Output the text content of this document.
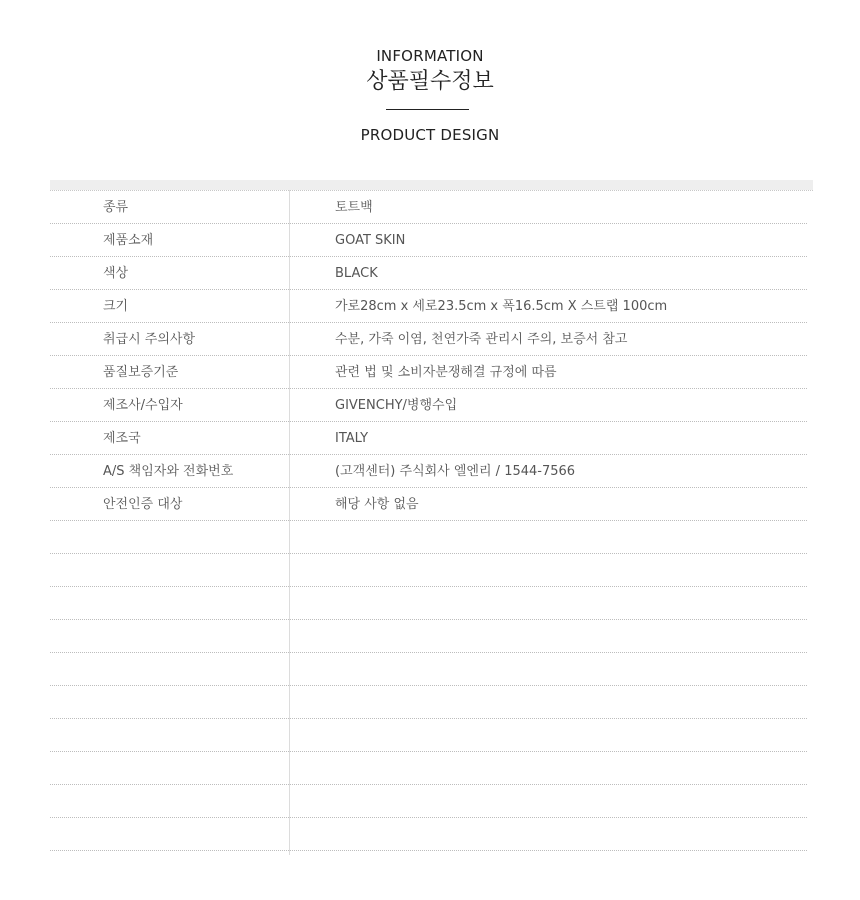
INFORMATION
상품필수정보
PRODUCT DESIGN
종류	토트백
제품소재	GOAT SKIN
색상	BLACK
크기	가로28cm x 세로23.5cm x 폭16.5cm X 스트랩 100cm
취급시 주의사항	수분, 가죽 이염, 천연가죽 관리시 주의, 보증서 참고
품질보증기준	관련 법 및 소비자분쟁해결 규정에 따름
제조사/수입자	GIVENCHY/병행수입
제조국	ITALY
A/S 책임자와 전화번호	(고객센터) 주식회사 엘엔리 / 1544-7566
안전인증 대상	해당 사항 없음
